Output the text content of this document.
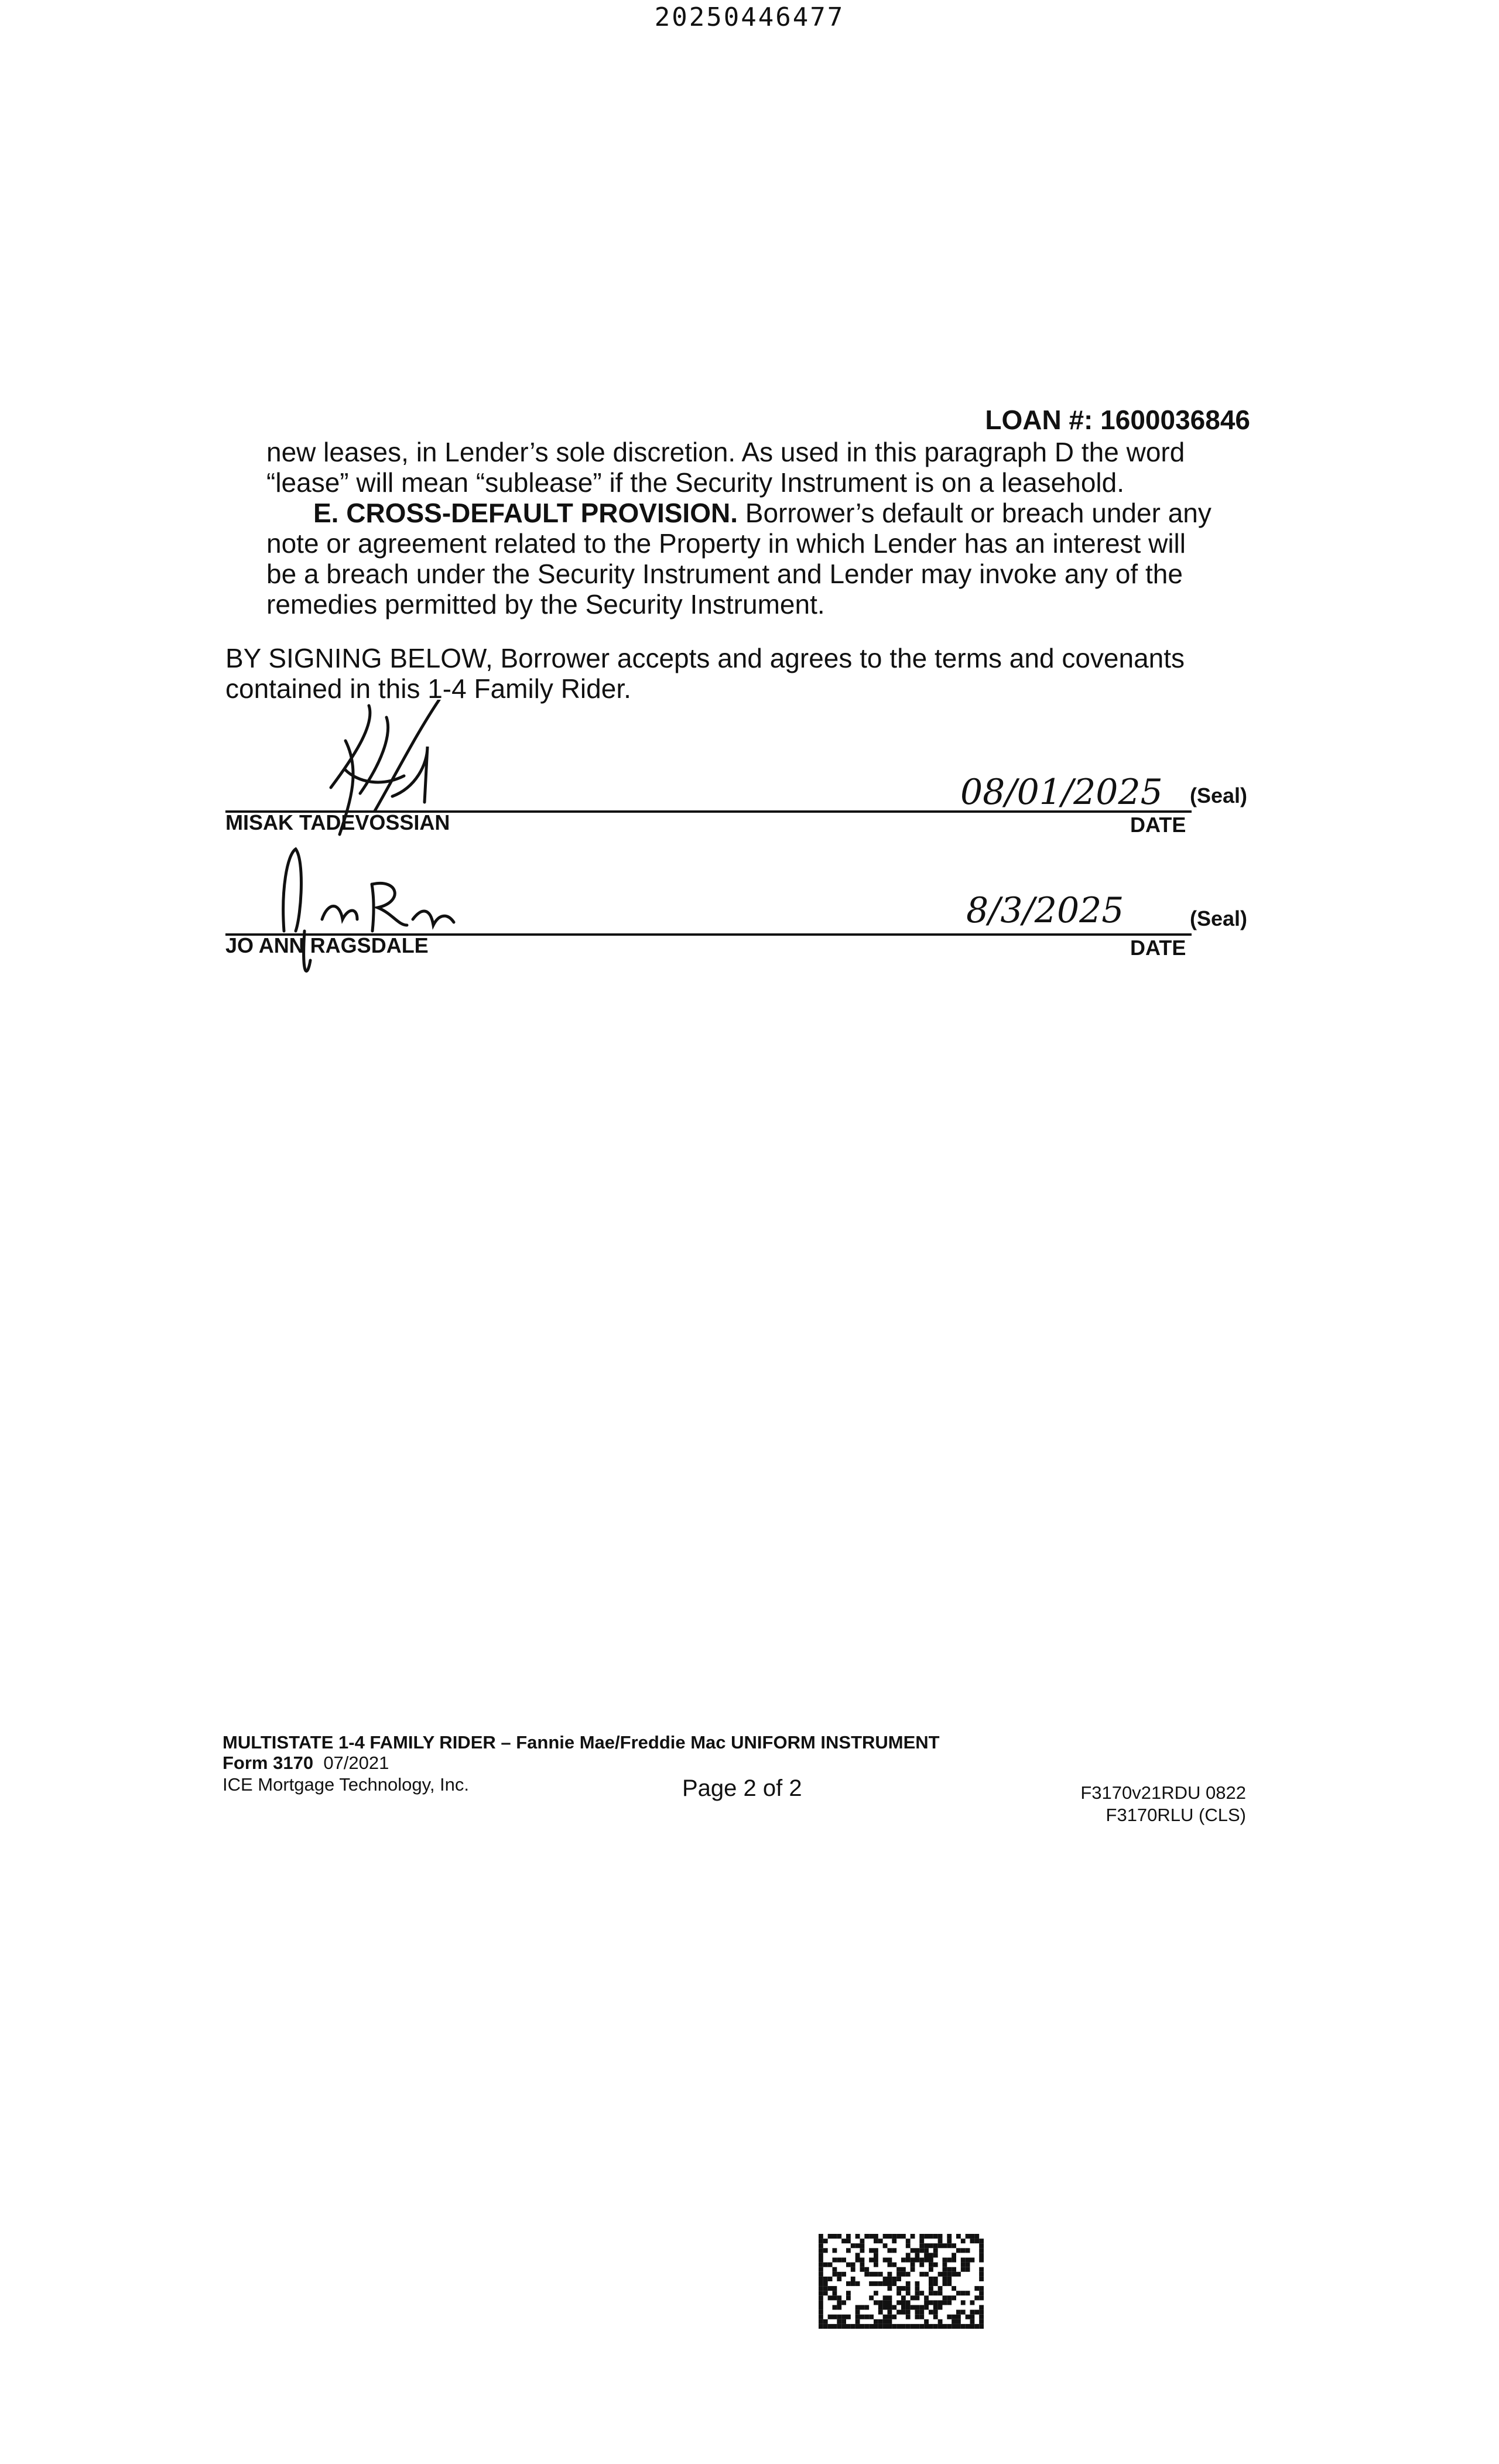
20250446477
LOAN #: 1600036846
new leases, in Lender’s sole discretion. As used in this paragraph D the word “lease” will mean “sublease” if the Security Instrument is on a leasehold.
E. CROSS-DEFAULT PROVISION. Borrower’s default or breach under any note or agreement related to the Property in which Lender has an interest will be a breach under the Security Instrument and Lender may invoke any of the remedies permitted by the Security Instrument.
BY SIGNING BELOW, Borrower accepts and agrees to the terms and covenants contained in this 1-4 Family Rider.
MISAK TADEVOSSIAN
08/01/2025
DATE
(Seal)
JO ANN RAGSDALE
8/3/2025
DATE
(Seal)
MULTISTATE 1-4 FAMILY RIDER – Fannie Mae/Freddie Mac UNIFORM INSTRUMENT
Form 3170 07/2021
ICE Mortgage Technology, Inc.	Page 2 of 2	F3170v21RDU 0822
F3170RLU (CLS)
